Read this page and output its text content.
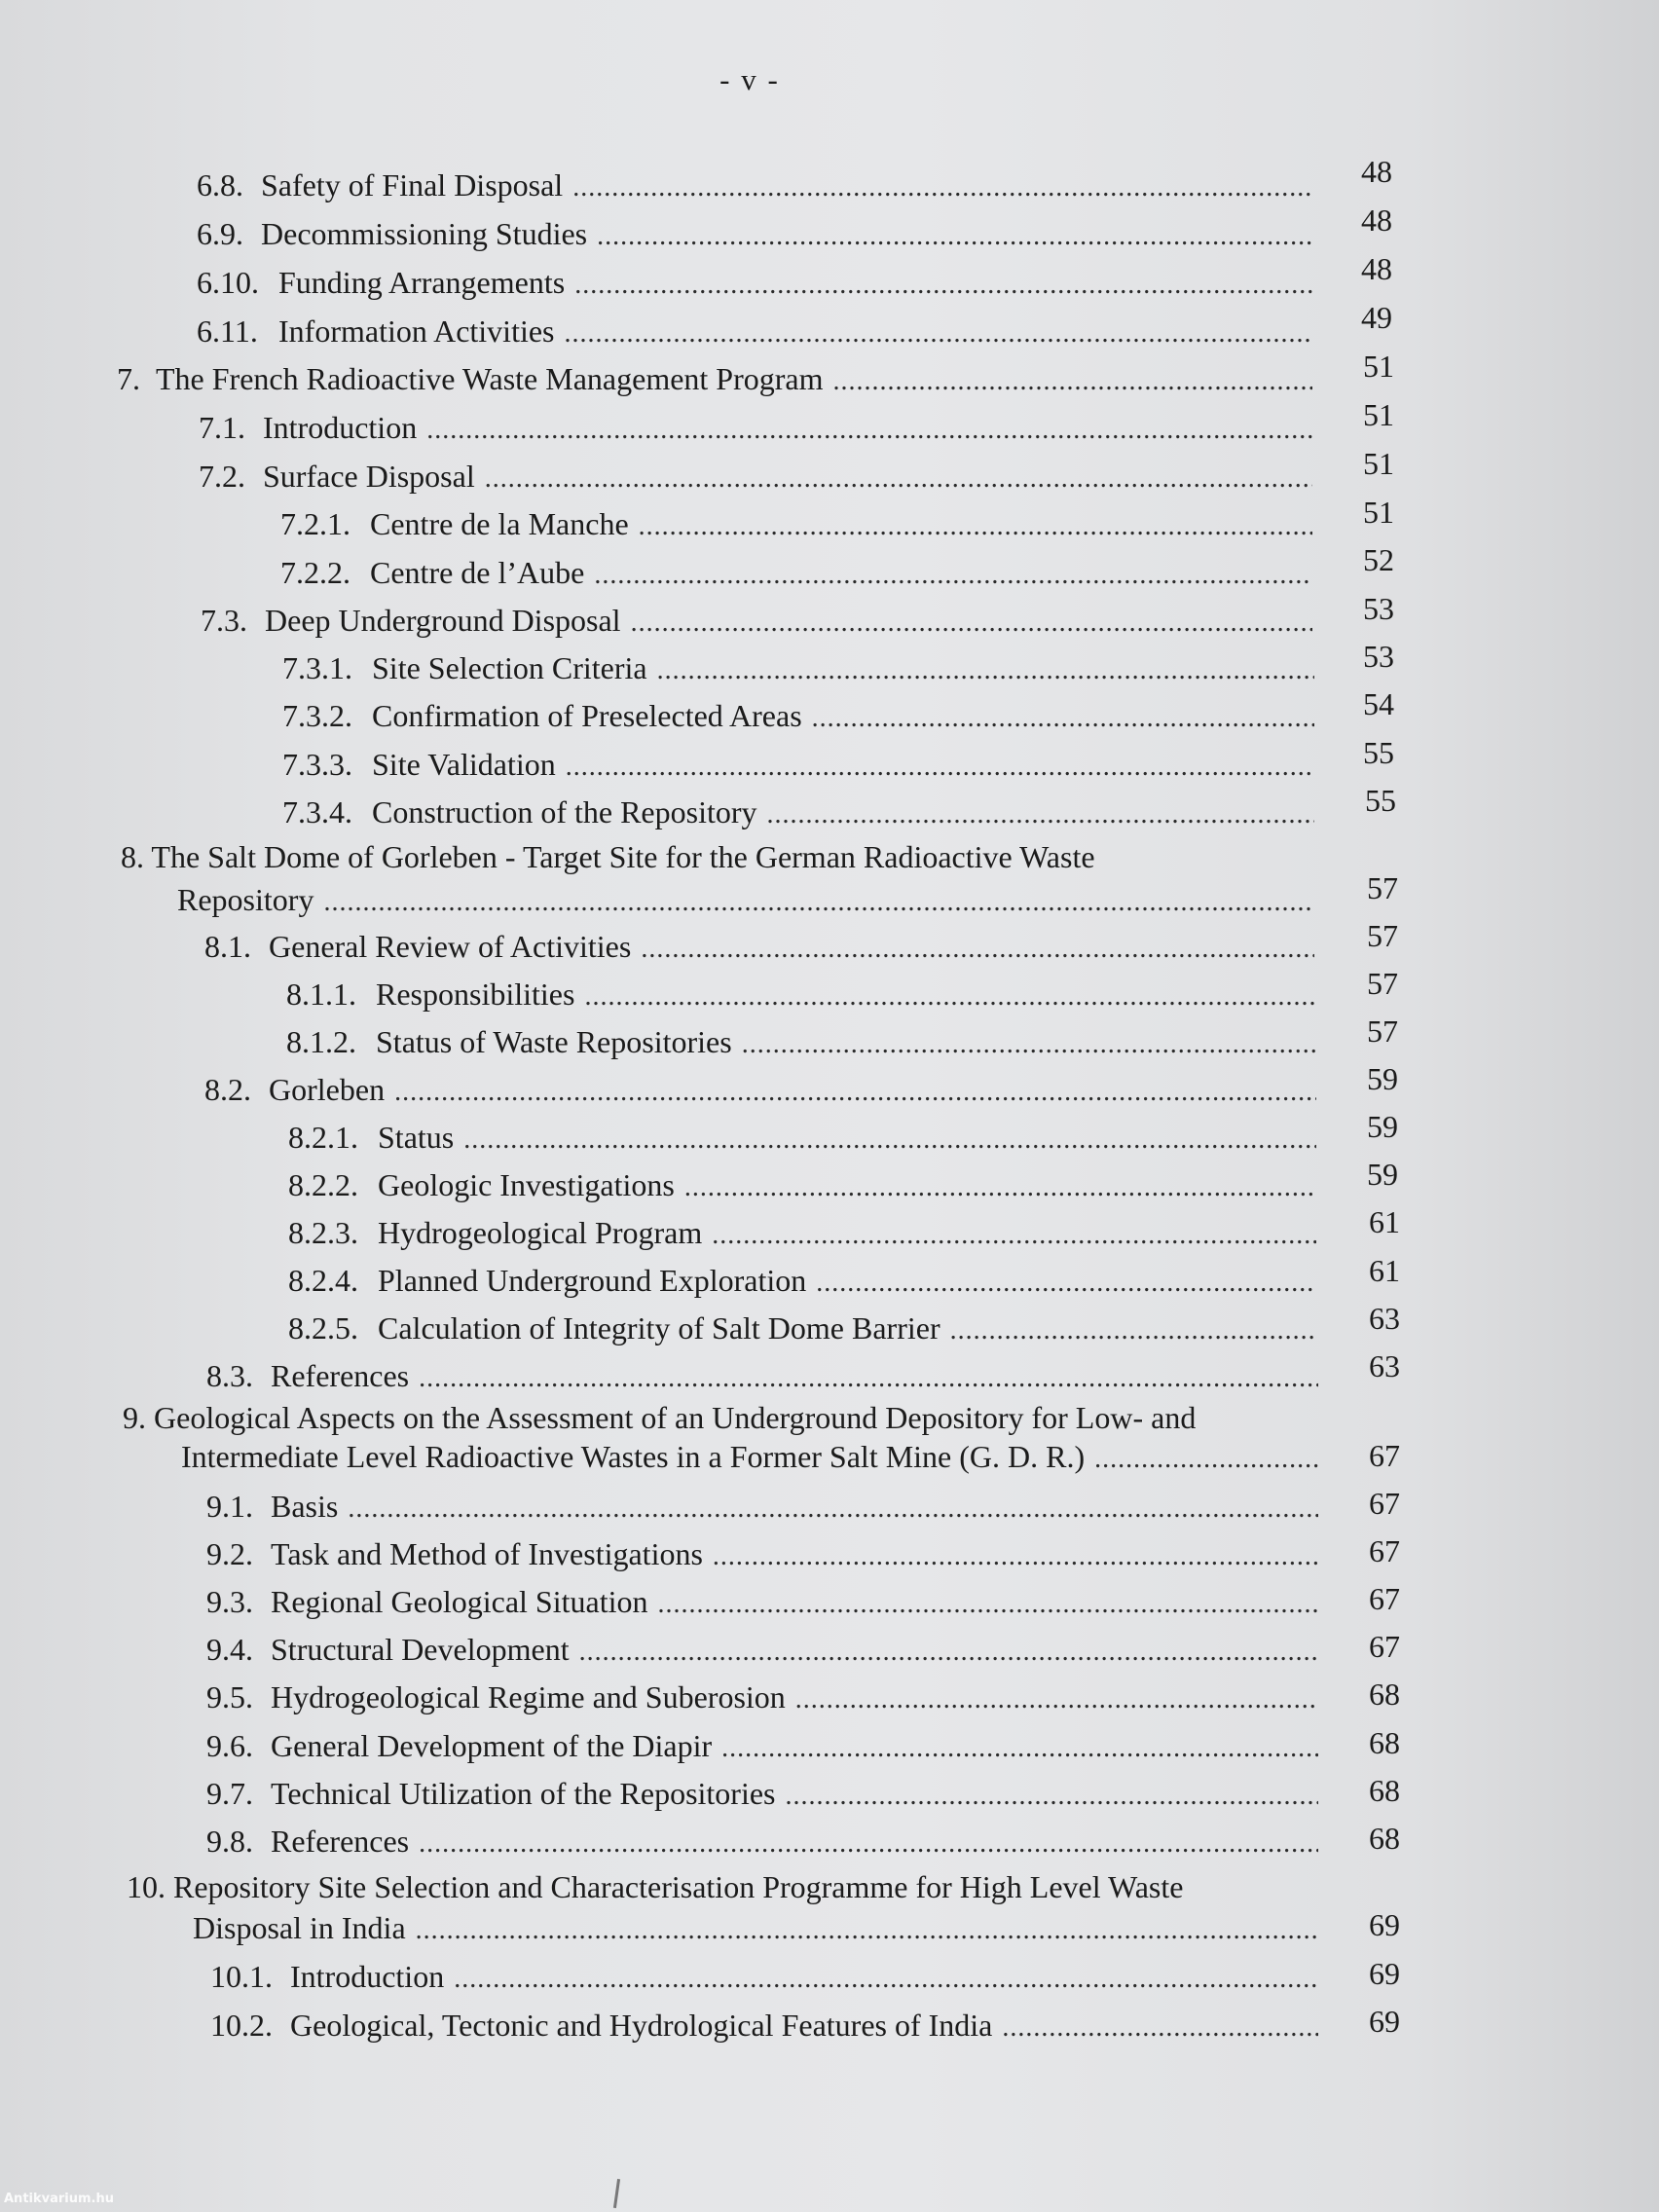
- v -
6.8. Safety of Final Disposal .....	48
6.9. Decommissioning Studies .....	48
6.10. Funding Arrangements .....	48
6.11. Information Activities .....	49
7. The French Radioactive Waste Management Program .....	51
7.1. Introduction .....	51
7.2. Surface Disposal .....	51
7.2.1. Centre de la Manche .....	51
7.2.2. Centre de l’Aube .....	52
7.3. Deep Underground Disposal .....	53
7.3.1. Site Selection Criteria .....	53
7.3.2. Confirmation of Preselected Areas .....	54
7.3.3. Site Validation .....	55
7.3.4. Construction of the Repository .....	55
8. The Salt Dome of Gorleben - Target Site for the German Radioactive Waste
Repository .....	57
8.1. General Review of Activities .....	57
8.1.1. Responsibilities .....	57
8.1.2. Status of Waste Repositories .....	57
8.2. Gorleben .....	59
8.2.1. Status .....	59
8.2.2. Geologic Investigations .....	59
8.2.3. Hydrogeological Program .....	61
8.2.4. Planned Underground Exploration .....	61
8.2.5. Calculation of Integrity of Salt Dome Barrier .....	63
8.3. References .....	63
9. Geological Aspects on the Assessment of an Underground Depository for Low- and
Intermediate Level Radioactive Wastes in a Former Salt Mine (G. D. R.) .....	67
9.1. Basis .....	67
9.2. Task and Method of Investigations .....	67
9.3. Regional Geological Situation .....	67
9.4. Structural Development .....	67
9.5. Hydrogeological Regime and Suberosion .....	68
9.6. General Development of the Diapir .....	68
9.7. Technical Utilization of the Repositories .....	68
9.8. References .....	68
10. Repository Site Selection and Characterisation Programme for High Level Waste
Disposal in India .....	69
10.1. Introduction .....	69
10.2. Geological, Tectonic and Hydrological Features of India .....	69
Antikvarium.hu
